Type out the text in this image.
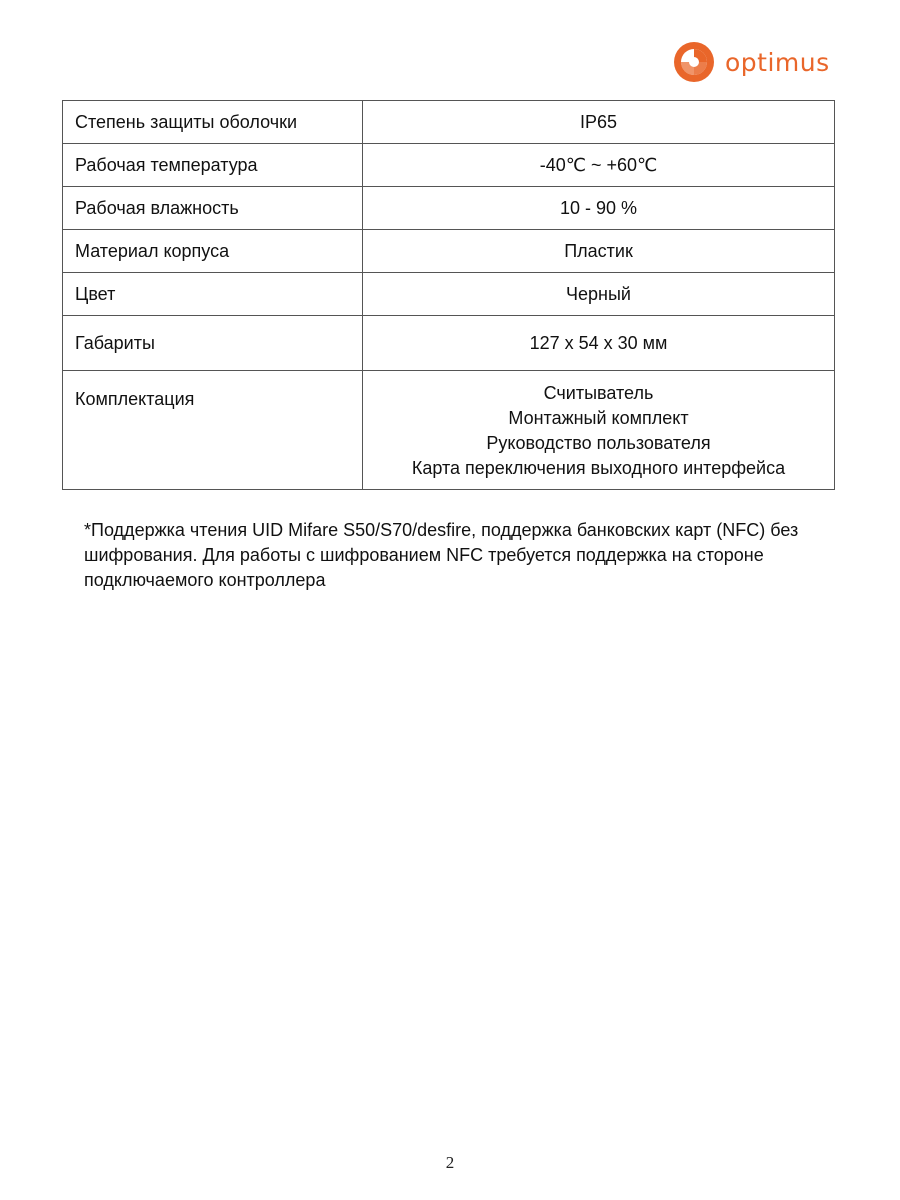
optimus
Степень защиты оболочки	IP65
Рабочая температура	-40℃ ~ +60℃
Рабочая влажность	10 - 90 %
Материал корпуса	Пластик
Цвет	Черный
Габариты	127 х 54 х 30 мм
Комплектация	Считыватель
Монтажный комплект
Руководство пользователя
Карта переключения выходного интерфейса

*Поддержка чтения UID Mifare S50/S70/desfire, поддержка банковских карт (NFC) без шифрования. Для работы с шифрованием NFC требуется поддержка на стороне подключаемого контроллера

2
